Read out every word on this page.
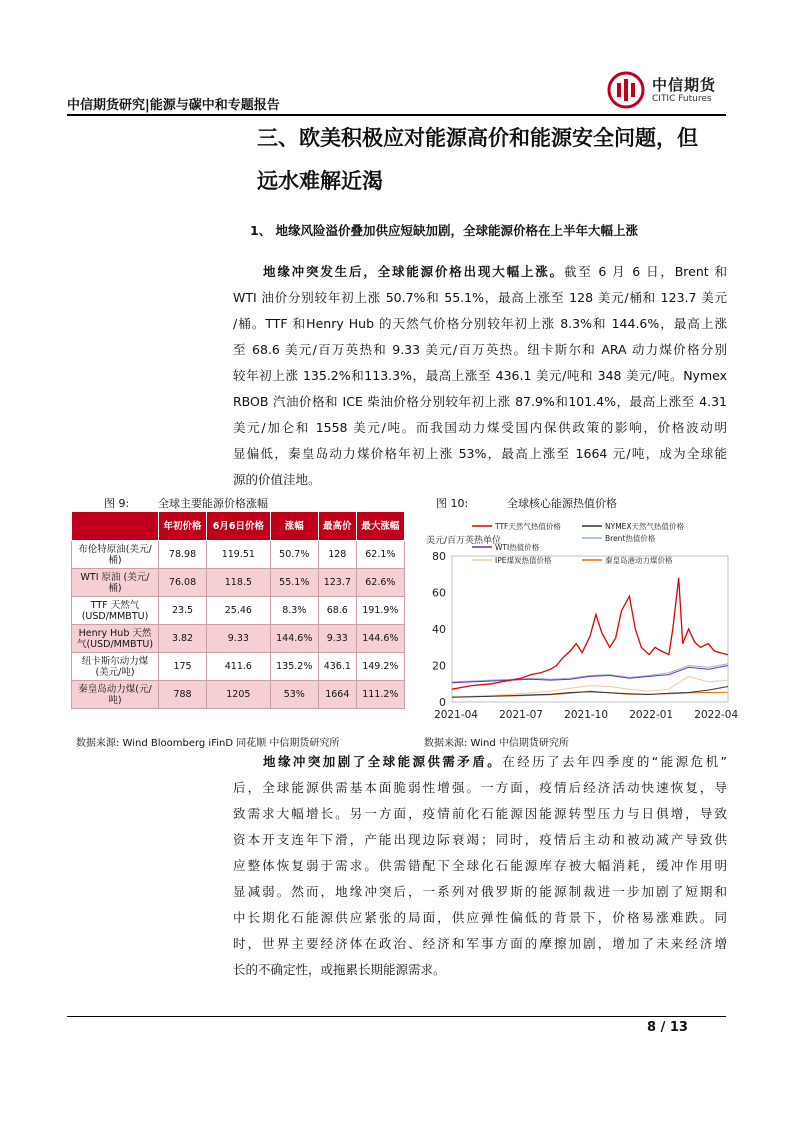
中信期货研究|能源与碳中和专题报告
中信期货
CITIC Futures
三、欧美积极应对能源高价和能源安全问题，但
远水难解近渴
1、 地缘风险溢价叠加供应短缺加剧，全球能源价格在上半年大幅上涨
地缘冲突发生后，全球能源价格出现大幅上涨。截至 6 月 6 日，Brent 和
WTI 油价分别较年初上涨 50.7%和 55.1%，最高上涨至 128 美元/桶和 123.7 美元
/桶。TTF 和Henry Hub 的天然气价格分别较年初上涨 8.3%和 144.6%，最高上涨
至 68.6 美元/百万英热和 9.33 美元/百万英热。纽卡斯尔和 ARA 动力煤价格分别
较年初上涨 135.2%和113.3%，最高上涨至 436.1 美元/吨和 348 美元/吨。Nymex
RBOB 汽油价格和 ICE 柴油价格分别较年初上涨 87.9%和101.4%，最高上涨至 4.31
美元/加仑和 1558 美元/吨。而我国动力煤受国内保供政策的影响，价格波动明
显偏低，秦皇岛动力煤价格年初上涨 53%，最高上涨至 1664 元/吨，成为全球能
源的价值洼地。
图 9:	全球主要能源价格涨幅	图 10:	全球核心能源热值价格
	年初价格	6月6日价格	涨幅	最高价	最大涨幅
布伦特原油(美元/桶)	78.98	119.51	50.7%	128	62.1%
WTI 原油 (美元/桶)	76.08	118.5	55.1%	123.7	62.6%
TTF 天然气(USD/MMBTU)	23.5	25.46	8.3%	68.6	191.9%
Henry Hub 天然气(USD/MMBTU)	3.82	9.33	144.6%	9.33	144.6%
纽卡斯尔动力煤 (美元/吨)	175	411.6	135.2%	436.1	149.2%
秦皇岛动力煤(元/吨)	788	1205	53%	1664	111.2%
TTF天然气热值价格	NYMEX天然气热值价格
WTI热值价格
Brent热值价格
IPE煤炭热值价格	秦皇岛港动力煤价格
0
20
40
60
80
2021-04 2021-07 2021-10 2022-01 2022-04
美元/百万英热单位
数据来源: Wind Bloomberg iFinD 同花顺 中信期货研究所	数据来源: Wind 中信期货研究所
地缘冲突加剧了全球能源供需矛盾。在经历了去年四季度的“能源危机”
后，全球能源供需基本面脆弱性增强。一方面，疫情后经济活动快速恢复，导
致需求大幅增长。另一方面，疫情前化石能源因能源转型压力与日俱增，导致
资本开支连年下滑，产能出现边际衰竭；同时，疫情后主动和被动减产导致供
应整体恢复弱于需求。供需错配下全球化石能源库存被大幅消耗，缓冲作用明
显减弱。然而，地缘冲突后，一系列对俄罗斯的能源制裁进一步加剧了短期和
中长期化石能源供应紧张的局面，供应弹性偏低的背景下，价格易涨难跌。同
时，世界主要经济体在政治、经济和军事方面的摩擦加剧，增加了未来经济增
长的不确定性，或拖累长期能源需求。
8 / 13
